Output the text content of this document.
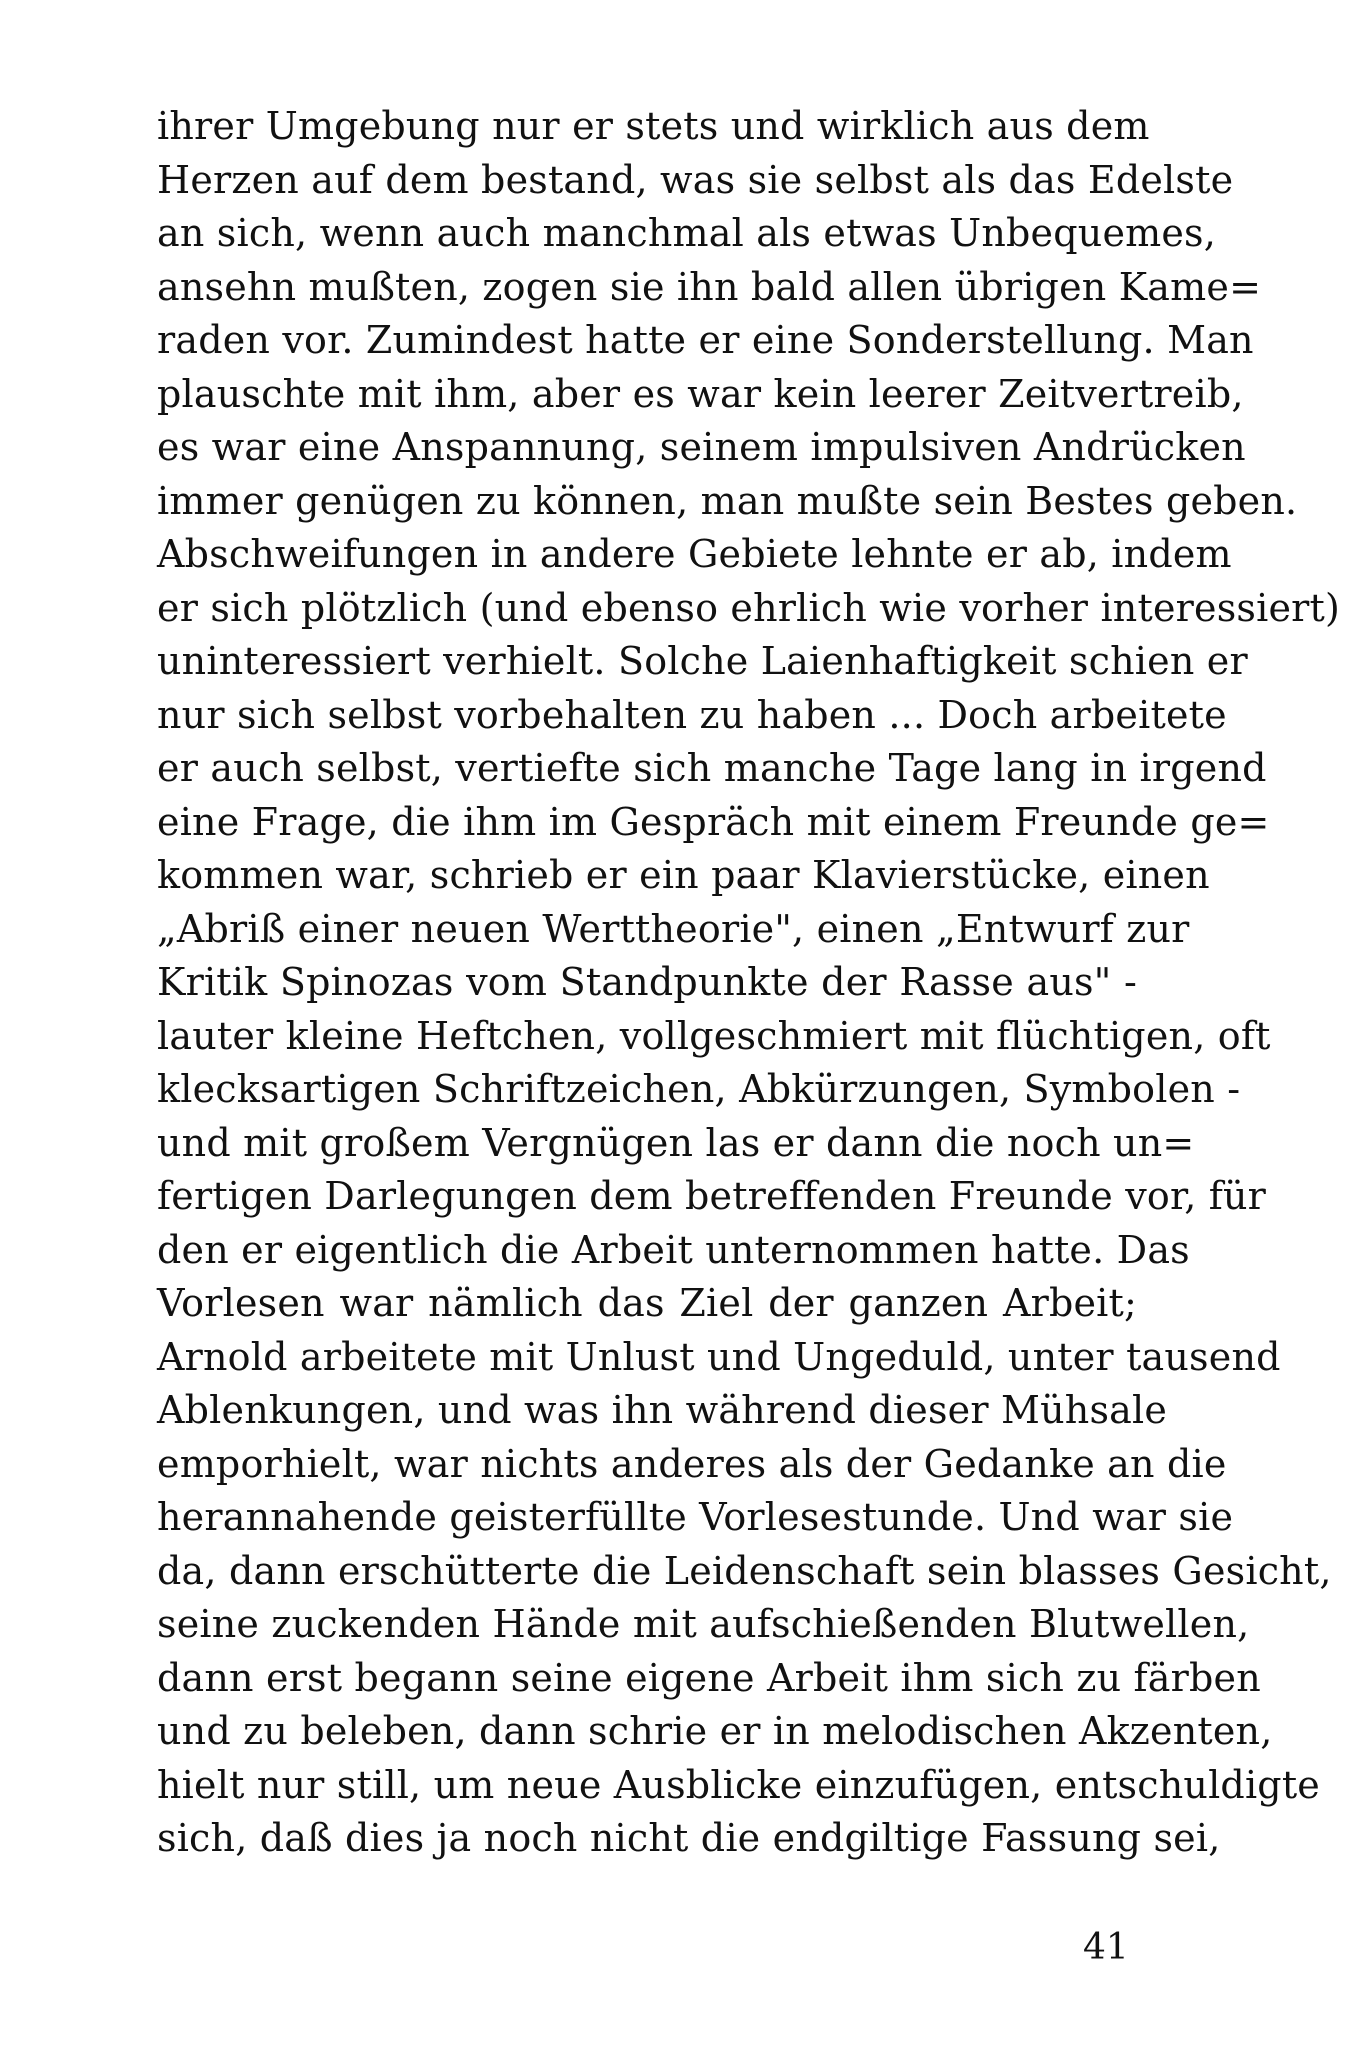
ihrer Umgebung nur er stets und wirklich aus dem
Herzen auf dem bestand, was sie selbst als das Edelste
an sich, wenn auch manchmal als etwas Unbequemes,
ansehn mußten, zogen sie ihn bald allen übrigen Kame=
raden vor. Zumindest hatte er eine Sonderstellung. Man
plauschte mit ihm, aber es war kein leerer Zeitvertreib,
es war eine Anspannung, seinem impulsiven Andrücken
immer genügen zu können, man mußte sein Bestes geben.
Abschweifungen in andere Gebiete lehnte er ab, indem
er sich plötzlich (und ebenso ehrlich wie vorher interessiert)
uninteressiert verhielt. Solche Laienhaftigkeit schien er
nur sich selbst vorbehalten zu haben ... Doch arbeitete
er auch selbst, vertiefte sich manche Tage lang in irgend
eine Frage, die ihm im Gespräch mit einem Freunde ge=
kommen war, schrieb er ein paar Klavierstücke, einen
„Abriß einer neuen Werttheorie", einen „Entwurf zur
Kritik Spinozas vom Standpunkte der Rasse aus" -
lauter kleine Heftchen, vollgeschmiert mit flüchtigen, oft
klecksartigen Schriftzeichen, Abkürzungen, Symbolen -
und mit großem Vergnügen las er dann die noch un=
fertigen Darlegungen dem betreffenden Freunde vor, für
den er eigentlich die Arbeit unternommen hatte. Das
Vorlesen war nämlich das Ziel der ganzen Arbeit;
Arnold arbeitete mit Unlust und Ungeduld, unter tausend
Ablenkungen, und was ihn während dieser Mühsale
emporhielt, war nichts anderes als der Gedanke an die
herannahende geisterfüllte Vorlesestunde. Und war sie
da, dann erschütterte die Leidenschaft sein blasses Gesicht,
seine zuckenden Hände mit aufschießenden Blutwellen,
dann erst begann seine eigene Arbeit ihm sich zu färben
und zu beleben, dann schrie er in melodischen Akzenten,
hielt nur still, um neue Ausblicke einzufügen, entschuldigte
sich, daß dies ja noch nicht die endgiltige Fassung sei,
41
